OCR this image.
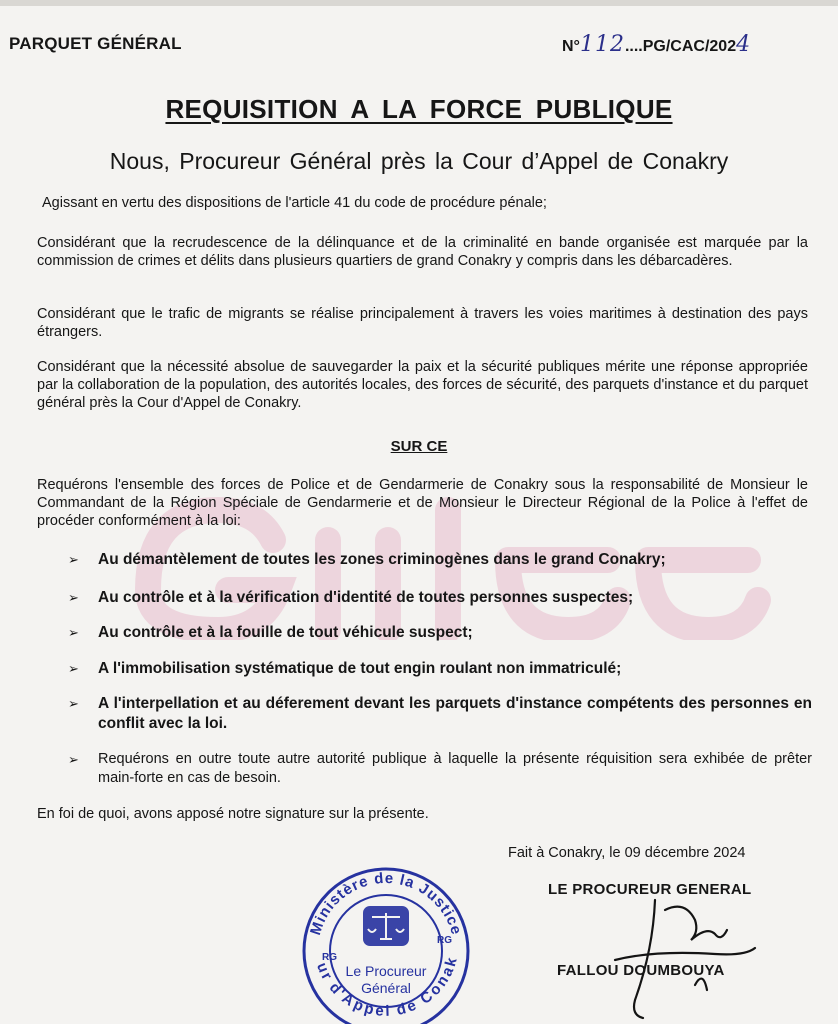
PARQUET GÉNÉRAL	N°112....PG/CAC/2024
REQUISITION A LA FORCE PUBLIQUE
Nous, Procureur Général près la Cour d’Appel de Conakry
Agissant en vertu des dispositions de l'article 41 du code de procédure pénale;
Considérant que la recrudescence de la délinquance et de la criminalité en bande organisée est marquée par la commission de crimes et délits dans plusieurs quartiers de grand Conakry y compris dans les débarcadères.
Considérant que le trafic de migrants se réalise principalement à travers les voies maritimes à destination des pays étrangers.
Considérant que la nécessité absolue de sauvegarder la paix et la sécurité publiques mérite une réponse appropriée par la collaboration de la population, des autorités locales, des forces de sécurité, des parquets d'instance et du parquet général près la Cour d'Appel de Conakry.
SUR CE
Requérons l'ensemble des forces de Police et de Gendarmerie de Conakry sous la responsabilité de Monsieur le Commandant de la Région Spéciale de Gendarmerie et de Monsieur le Directeur Régional de la Police à l'effet de procéder conformément à la loi:
➢ Au démantèlement de toutes les zones criminogènes dans le grand Conakry;
➢ Au contrôle et à la vérification d'identité de toutes personnes suspectes;
➢ Au contrôle et à la fouille de tout véhicule suspect;
➢ A l'immobilisation systématique de tout engin roulant non immatriculé;
➢ A l'interpellation et au déferement devant les parquets d'instance compétents des personnes en conflit avec la loi.
➢ Requérons en outre toute autre autorité publique à laquelle la présente réquisition sera exhibée de prêter main-forte en cas de besoin.
En foi de quoi, avons apposé notre signature sur la présente.
Fait à Conakry, le 09 décembre 2024
LE PROCUREUR GENERAL
FALLOU DOUMBOUYA
Ministère de la Justice
ur d'Appel de Conak
Le Procureur
Général
RG
RG
